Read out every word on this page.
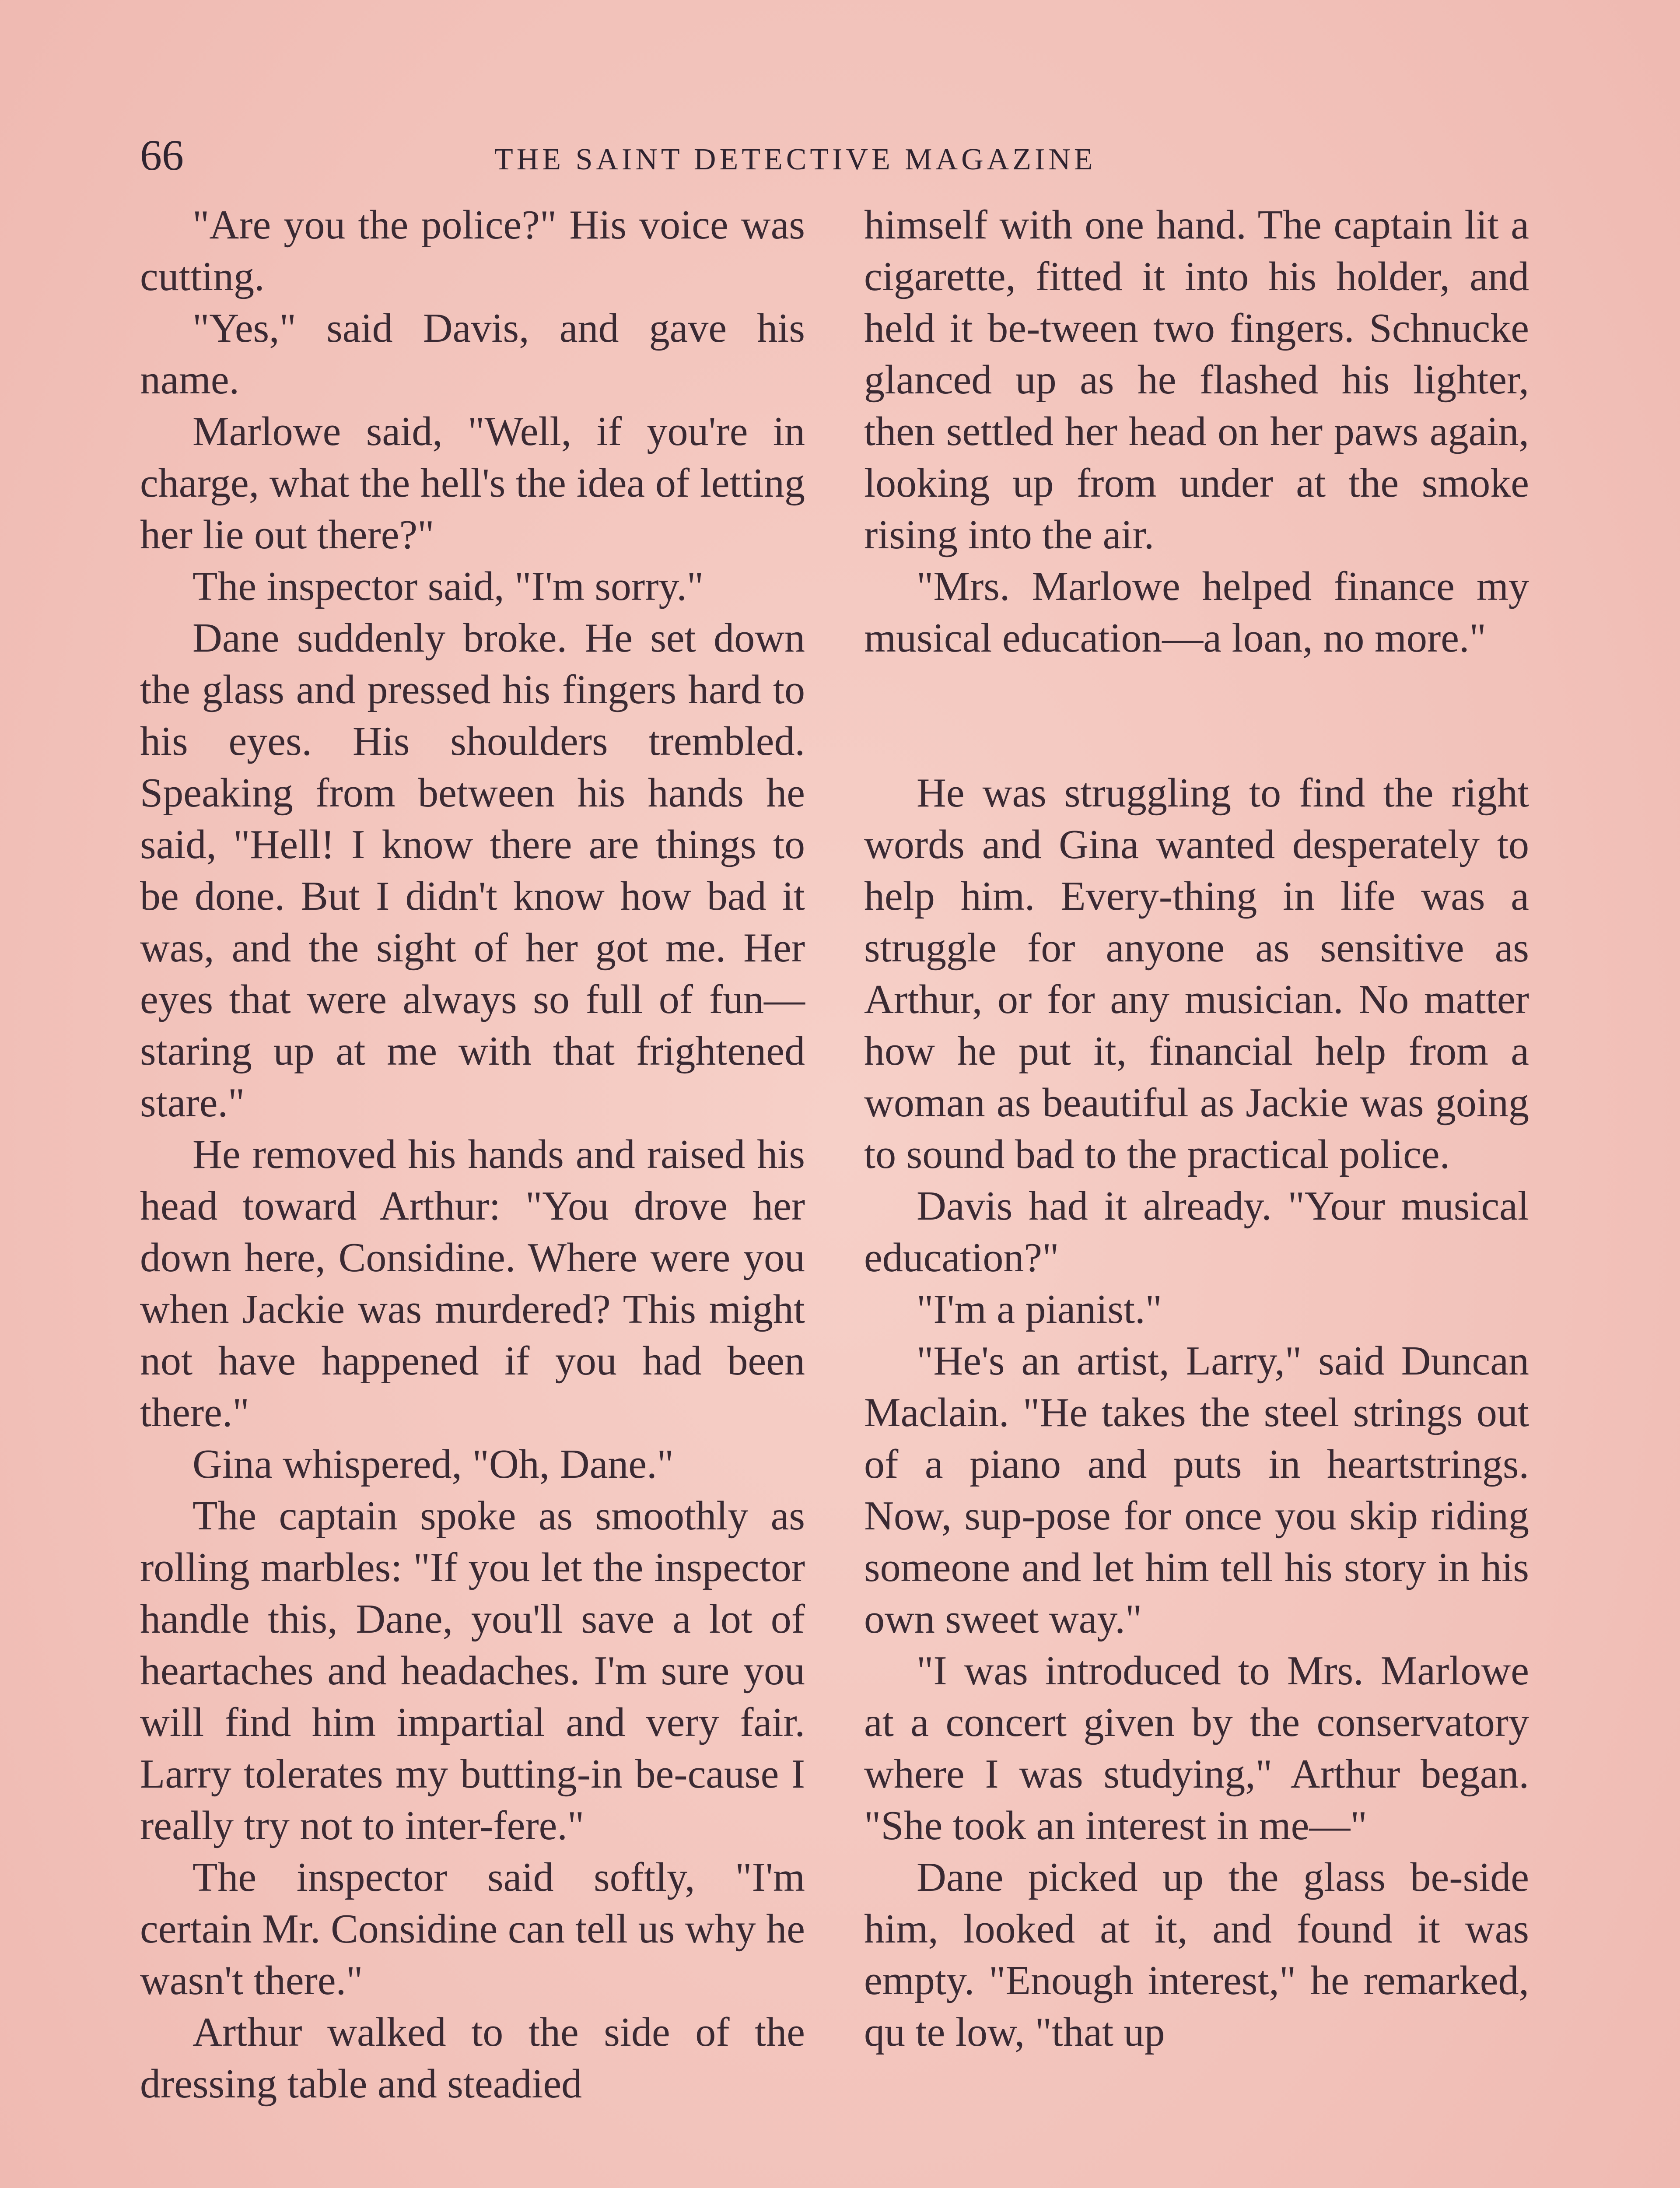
66	THE SAINT DETECTIVE MAGAZINE

"Are you the police?" His voice was cutting.

"Yes," said Davis, and gave his name.

Marlowe said, "Well, if you're in charge, what the hell's the idea of letting her lie out there?"

The inspector said, "I'm sorry."

Dane suddenly broke. He set down the glass and pressed his fingers hard to his eyes. His shoulders trembled. Speaking from between his hands he said, "Hell! I know there are things to be done. But I didn't know how bad it was, and the sight of her got me. Her eyes that were always so full of fun—staring up at me with that frightened stare."

He removed his hands and raised his head toward Arthur: "You drove her down here, Considine. Where were you when Jackie was murdered? This might not have happened if you had been there."

Gina whispered, "Oh, Dane."

The captain spoke as smoothly as rolling marbles: "If you let the inspector handle this, Dane, you'll save a lot of heartaches and headaches. I'm sure you will find him impartial and very fair. Larry tolerates my butting-in be-cause I really try not to inter-fere."

The inspector said softly, "I'm certain Mr. Considine can tell us why he wasn't there."

Arthur walked to the side of the dressing table and steadied

himself with one hand. The captain lit a cigarette, fitted it into his holder, and held it be-tween two fingers. Schnucke glanced up as he flashed his lighter, then settled her head on her paws again, looking up from under at the smoke rising into the air.

"Mrs. Marlowe helped finance my musical education—a loan, no more."

He was struggling to find the right words and Gina wanted desperately to help him. Every-thing in life was a struggle for anyone as sensitive as Arthur, or for any musician. No matter how he put it, financial help from a woman as beautiful as Jackie was going to sound bad to the practical police.

Davis had it already. "Your musical education?"

"I'm a pianist."

"He's an artist, Larry," said Duncan Maclain. "He takes the steel strings out of a piano and puts in heartstrings. Now, sup-pose for once you skip riding someone and let him tell his story in his own sweet way."

"I was introduced to Mrs. Marlowe at a concert given by the conservatory where I was studying," Arthur began. "She took an interest in me—"

Dane picked up the glass be-side him, looked at it, and found it was empty. "Enough interest," he remarked, qu te low, "that up
